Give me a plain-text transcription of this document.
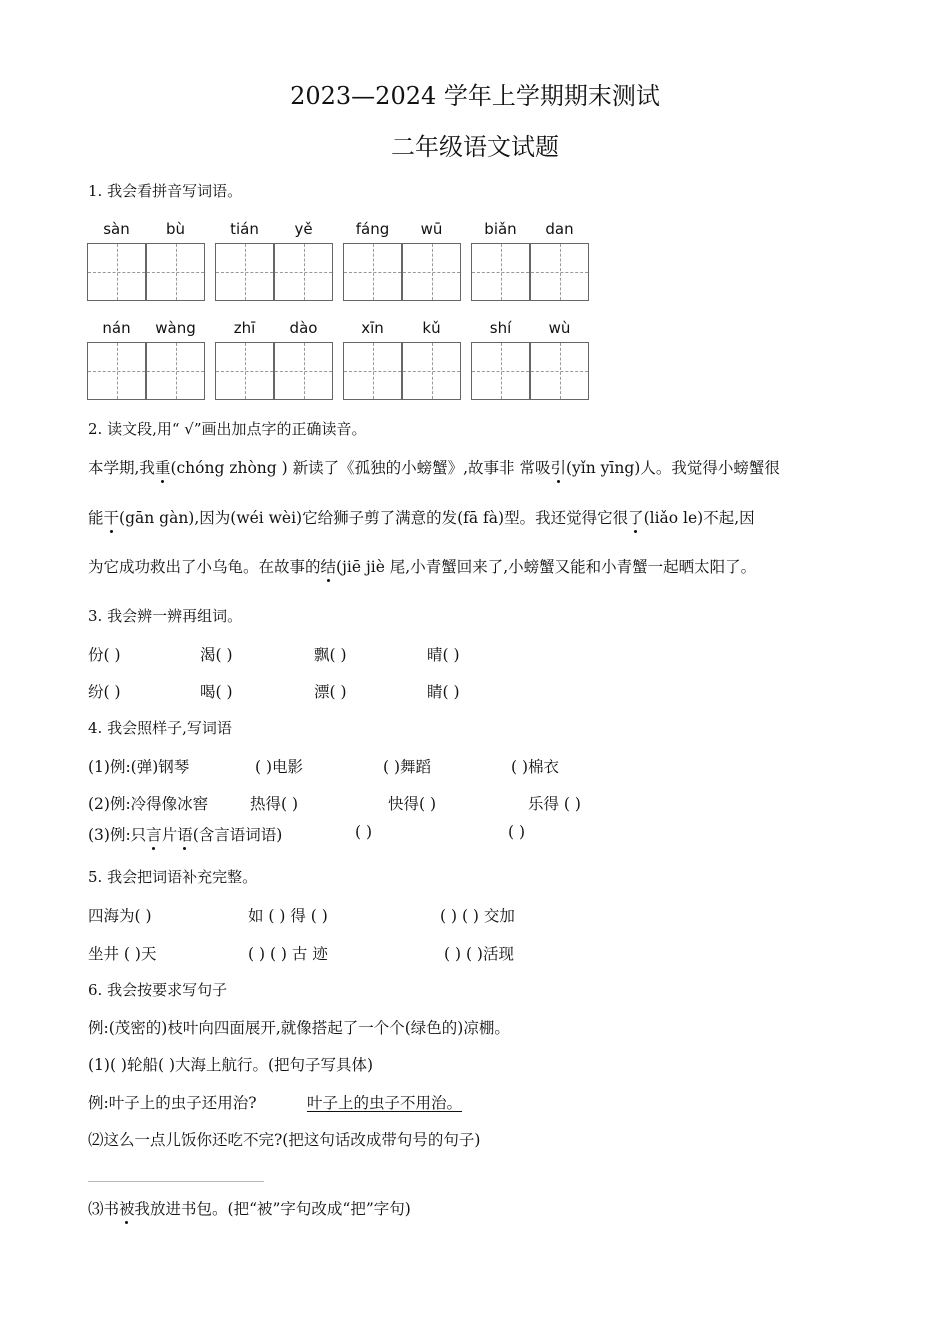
2023—2024 学年上学期期末测试
二年级语文试题
1. 我会看拼音写词语。
sàn	bù	tián	yě	fáng	wū	biǎn	dan
nán	wàng	zhī	dào	xīn	kǔ	shí	wù
2. 读文段,用“ √”画出加点字的正确读音。
本学期,我重(chóng zhòng ) 新读了《孤独的小螃蟹》,故事非 常吸引(yǐn yīng)人。我觉得小螃蟹很
能干(gān gàn),因为(wéi wèi)它给狮子剪了满意的发(fā fà)型。我还觉得它很了(liǎo le)不起,因
为它成功救出了小乌龟。在故事的结(jiē jiè 尾,小青蟹回来了,小螃蟹又能和小青蟹一起晒太阳了。
3. 我会辨一辨再组词。
份( )	渴( )	飘( )	晴( )
纷( )	喝( )	漂( )	睛( )
4. 我会照样子,写词语
(1)例:(弹)钢琴	( )电影	( )舞蹈	( )棉衣
(2)例:冷得像冰窖	热得( )	快得( )	乐得 ( )
(3)例:只言片语(含言语词语)	( )	( )
5. 我会把词语补充完整。
四海为( )	如 ( ) 得 ( )	( ) ( ) 交加
坐井 ( )天	( ) ( ) 古 迹	( ) ( )活现
6. 我会按要求写句子
例:(茂密的)枝叶向四面展开,就像搭起了一个个(绿色的)凉棚。
(1)( )轮船( )大海上航行。(把句子写具体)
例:叶子上的虫子还用治?	叶子上的虫子不用治。
⑵这么一点儿饭你还吃不完?(把这句话改成带句号的句子)
⑶书被我放进书包。(把“被”字句改成“把”字句)
